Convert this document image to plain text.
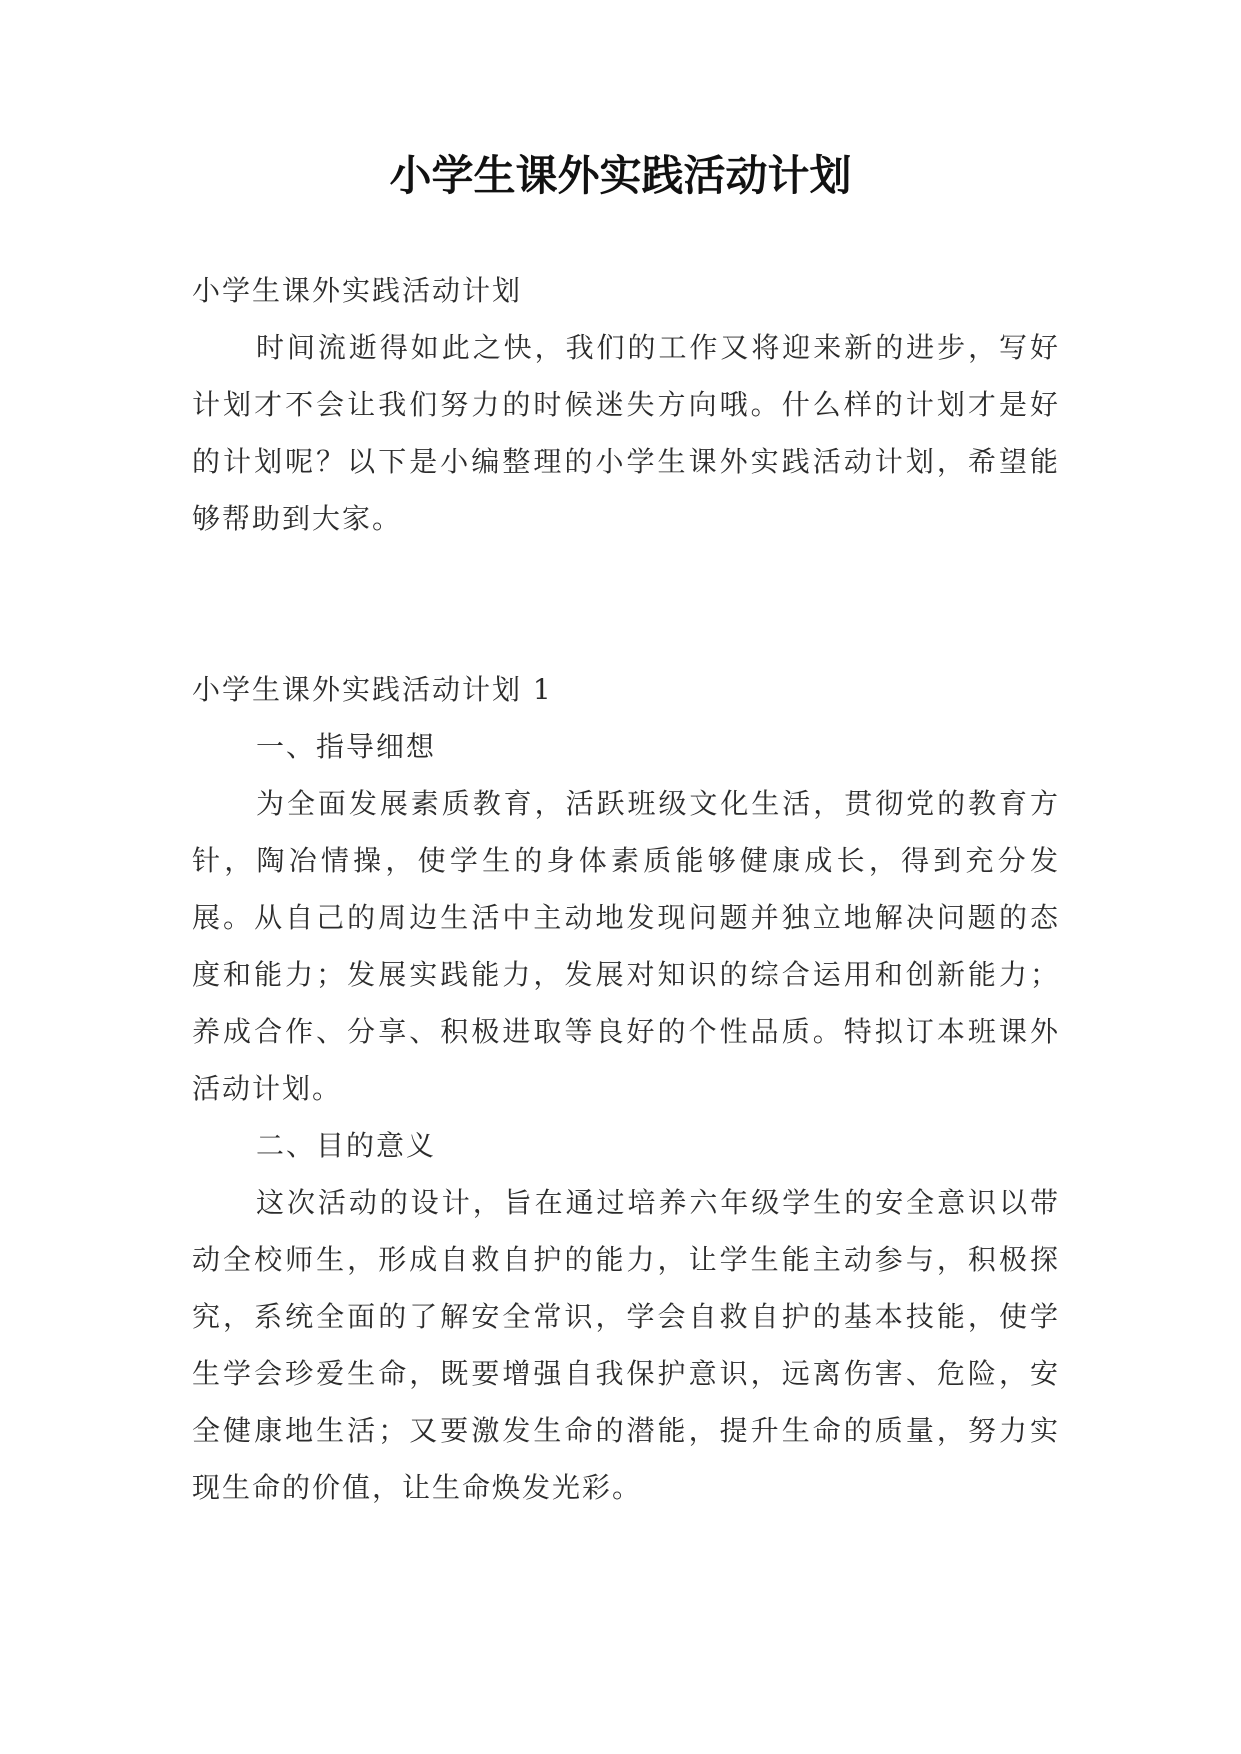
小学生课外实践活动计划

小学生课外实践活动计划

时间流逝得如此之快，我们的工作又将迎来新的进步，写好计划才不会让我们努力的时候迷失方向哦。什么样的计划才是好的计划呢？以下是小编整理的小学生课外实践活动计划，希望能够帮助到大家。

小学生课外实践活动计划 1

一、指导细想

为全面发展素质教育，活跃班级文化生活，贯彻党的教育方针，陶冶情操，使学生的身体素质能够健康成长，得到充分发展。从自己的周边生活中主动地发现问题并独立地解决问题的态度和能力；发展实践能力，发展对知识的综合运用和创新能力；养成合作、分享、积极进取等良好的个性品质。特拟订本班课外活动计划。

二、目的意义

这次活动的设计，旨在通过培养六年级学生的安全意识以带动全校师生，形成自救自护的能力，让学生能主动参与，积极探究，系统全面的了解安全常识，学会自救自护的基本技能，使学生学会珍爱生命，既要增强自我保护意识，远离伤害、危险，安全健康地生活；又要激发生命的潜能，提升生命的质量，努力实现生命的价值，让生命焕发光彩。
